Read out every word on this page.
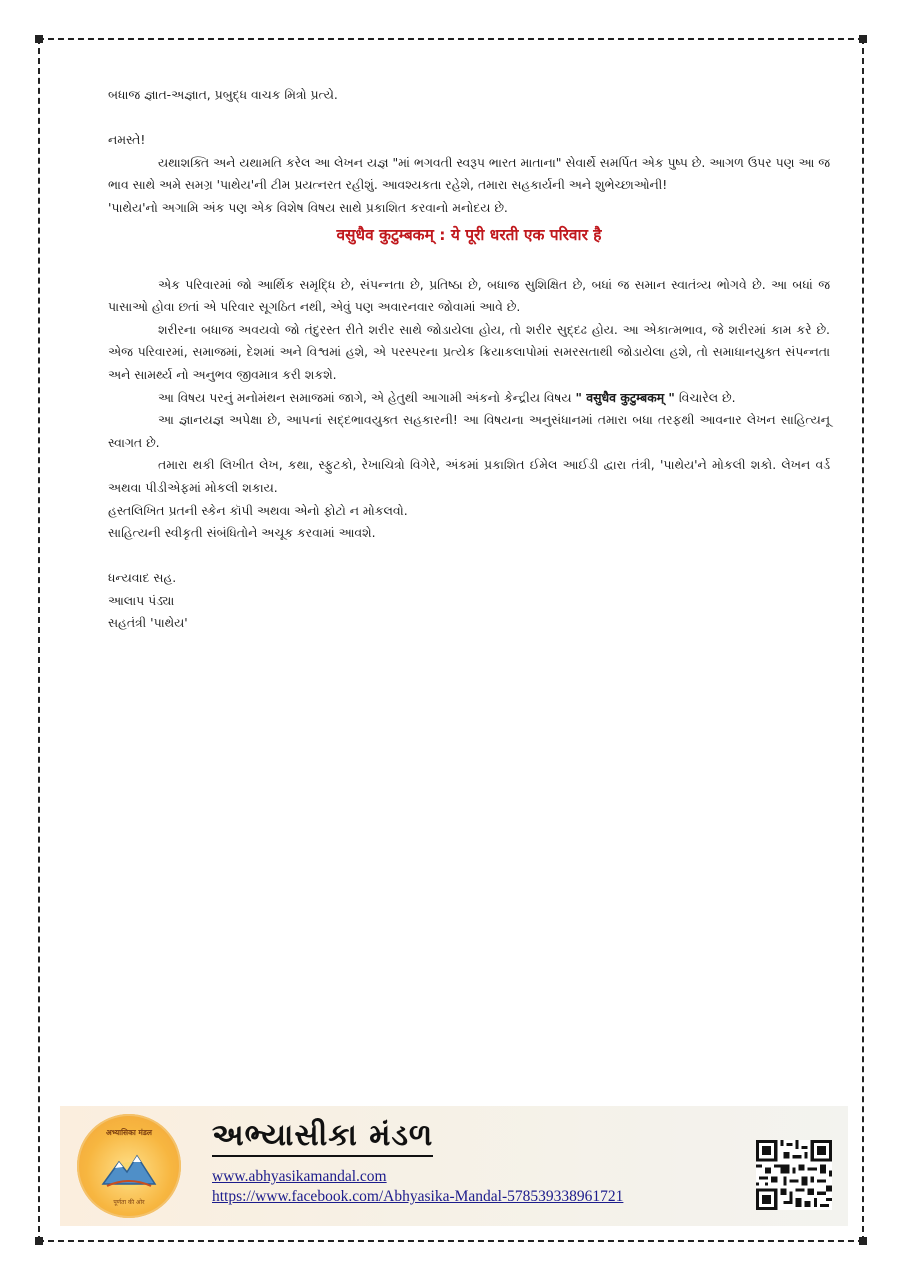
બધાજ જ્ઞાત-અજ્ઞાત, પ્રબુદ્ધ વાચક મિત્રો પ્રત્યે.

નમસ્તે!

યથાશક્તિ અને યથામતિ કરેલ આ લેખન યજ્ઞ "માં ભગવતી સ્વરૂપ ભારત માતાના" સેવાર્થે સમર્પિત એક પુષ્પ છે. આગળ ઉપર પણ આ જ ભાવ સાથે અમે સમગ્ર 'પાથેય'ની ટીમ પ્રયત્નરત રહીશું. આવશ્યકતા રહેશે, તમારા સહકાર્યની અને શુભેચ્છાઓની!

'પાથેય'નો અગામિ અંક પણ એક વિશેષ વિષય સાથે પ્રકાશિત કરવાનો મનોદય છે.

वसुधैव कुटुम्बकम् : ये पूरी धरती एक परिवार है

એક પરિવારમાં જો આર્થિક સમૃદ્ધિ છે, સંપન્નતા છે, પ્રતિષ્ઠા છે, બધાજ સુશિક્ષિત છે, બધાં જ સમાન સ્વાતંત્ર્ય ભોગવે છે. આ બધાં જ પાસાઓ હોવા છતાં એ પરિવાર સૂગઠિત નથી, એવું પણ અવારનવાર જોવામાં આવે છે.

શરીરના બધાજ અવયવો જો તંદુરસ્ત રીતે શરીર સાથે જોડાયેલા હોય, તો શરીર સુદ્દઢ હોય. આ એકાત્મભાવ, જે શરીરમાં કામ કરે છે. એજ પરિવારમાં, સમાજમાં, દેશમાં અને વિશ્વમાં હશે, એ પરસ્પરના પ્રત્યેક ક્રિયાકલાપોમાં સમરસતાથી જોડાયેલા હશે, તો સમાધાનયુક્ત સંપન્નતા અને સામર્થ્ય નો અનુભવ જીવમાત્ર કરી શકશે.

આ વિષય પરનું મનોમંથન સમાજમાં જાગે, એ હેતુથી આગામી અંકનો કેન્દ્રીય વિષય " वसुधैव कुटुम्बकम् " વિચારેલ છે.

આ જ્ઞાનયજ્ઞ અપેક્ષા છે, આપનાં સદ્દભાવયુક્ત સહકારની! આ વિષયના અનુસંધાનમાં તમારા બધા તરફથી આવનાર લેખન સાહિત્યનૂ સ્વાગત છે.

તમારા થકી લિખીત લેખ, કથા, સ્ફુટકો, રેખાચિત્રો વિગેરે, અંકમાં પ્રકાશિત ઈમેલ આઈડી દ્વારા તંત્રી, 'પાથેય'ને મોકલી શકો. લેખન વર્ડ અથવા પીડીએફમાં મોકલી શકાય.

હસ્તલિખિત પ્રતની સ્કેન કૉપી અથવા એનો ફોટો ન મોકલવો.

સાહિત્યની સ્વીકૃતી સંબંધિતોને અચૂક કરવામાં આવશે.

ધન્યવાદ સહ.

આલાપ પંડ્યા

સહતંત્રી 'પાથેય'

अभ्यासिका मंडल
पूर्णता की ओर
અભ્યાસીકા મંડળ
www.abhyasikamandal.com
https://www.facebook.com/Abhyasika-Mandal-578539338961721
